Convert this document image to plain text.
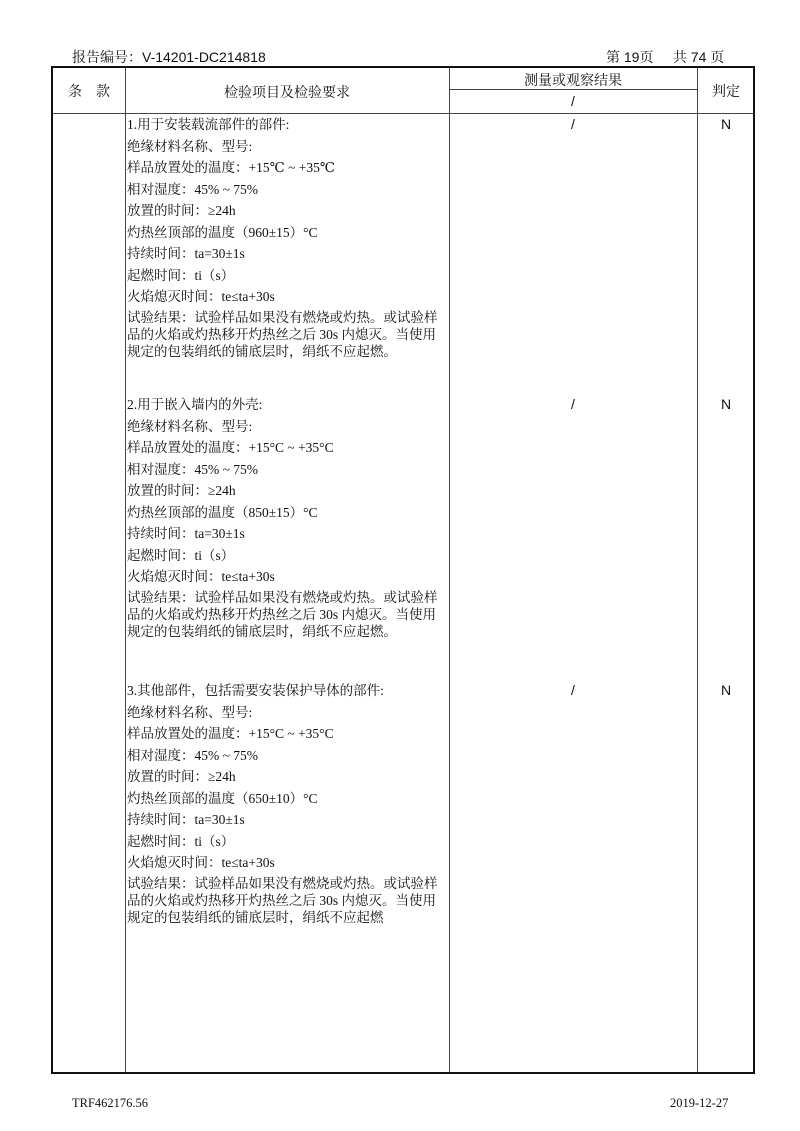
报告编号：V-14201-DC214818	第 19页     共 74 页
条　款	检验项目及检验要求
测量或观察结果
/
判定
1.用于安装载流部件的部件:
绝缘材料名称、型号:
样品放置处的温度：+15℃ ~ +35℃
相对湿度：45% ~ 75%
放置的时间：≥24h
灼热丝顶部的温度（960±15）°C
持续时间：ta=30±1s
起燃时间：ti（s）
火焰熄灭时间：te≤ta+30s
试验结果：试验样品如果没有燃烧或灼热。或试验样品的火焰或灼热移开灼热丝之后 30s 内熄灭。当使用规定的包装绢纸的铺底层时，绢纸不应起燃。
/	N
2.用于嵌入墙内的外壳:
绝缘材料名称、型号:
样品放置处的温度：+15°C ~ +35°C
相对湿度：45% ~ 75%
放置的时间：≥24h
灼热丝顶部的温度（850±15）°C
持续时间：ta=30±1s
起燃时间：ti（s）
火焰熄灭时间：te≤ta+30s
试验结果：试验样品如果没有燃烧或灼热。或试验样品的火焰或灼热移开灼热丝之后 30s 内熄灭。当使用规定的包装绢纸的铺底层时，绢纸不应起燃。
/	N
3.其他部件，包括需要安装保护导体的部件:
绝缘材料名称、型号:
样品放置处的温度：+15°C ~ +35°C
相对湿度：45% ~ 75%
放置的时间：≥24h
灼热丝顶部的温度（650±10）°C
持续时间：ta=30±1s
起燃时间：ti（s）
火焰熄灭时间：te≤ta+30s
试验结果：试验样品如果没有燃烧或灼热。或试验样品的火焰或灼热移开灼热丝之后 30s 内熄灭。当使用规定的包装绢纸的铺底层时，绢纸不应起燃
/	N
TRF462176.56	2019-12-27
